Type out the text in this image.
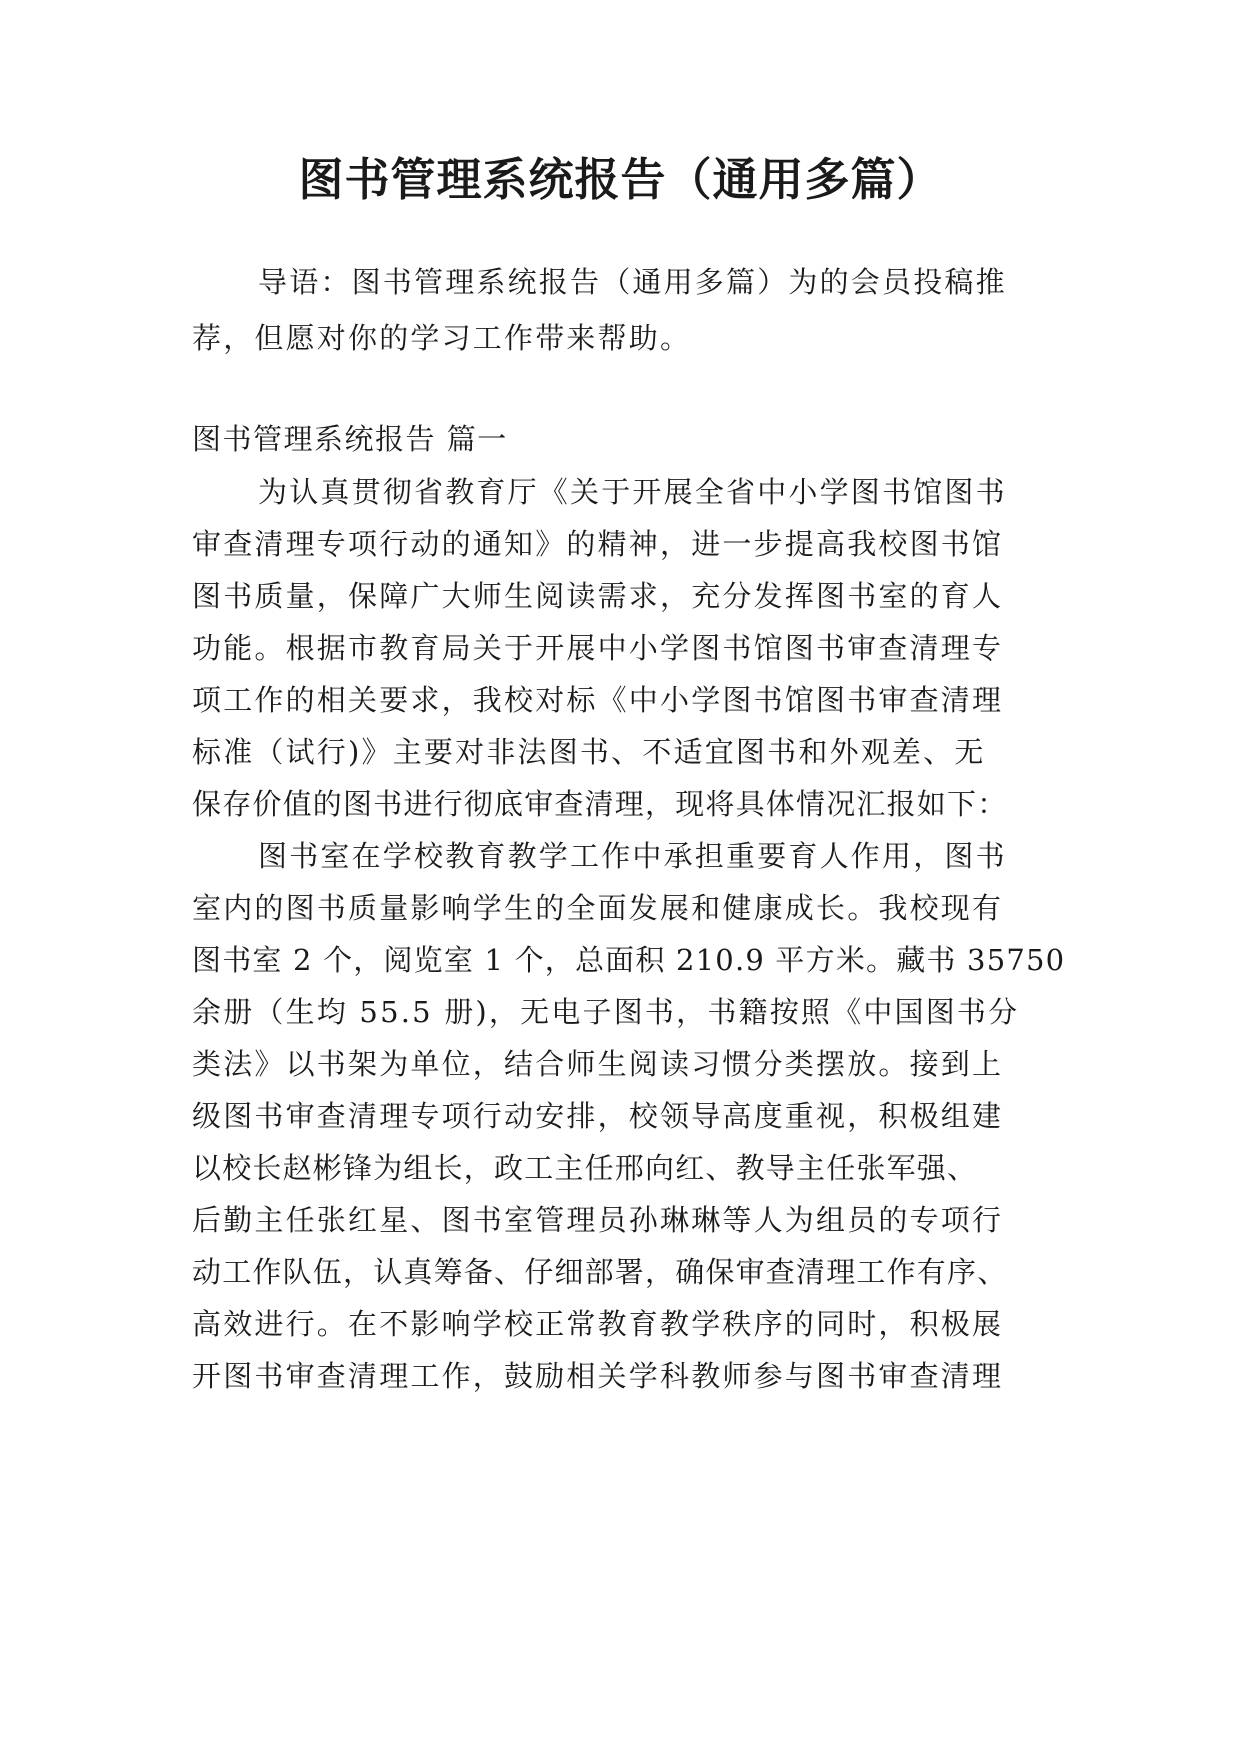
图书管理系统报告（通用多篇）

导语：图书管理系统报告（通用多篇）为的会员投稿推

荐，但愿对你的学习工作带来帮助。

图书管理系统报告 篇一

为认真贯彻省教育厅《关于开展全省中小学图书馆图书

审查清理专项行动的通知》的精神，进一步提高我校图书馆

图书质量，保障广大师生阅读需求，充分发挥图书室的育人

功能。根据市教育局关于开展中小学图书馆图书审查清理专

项工作的相关要求，我校对标《中小学图书馆图书审查清理

标准（试行)》主要对非法图书、不适宜图书和外观差、无

保存价值的图书进行彻底审查清理，现将具体情况汇报如下：

图书室在学校教育教学工作中承担重要育人作用，图书

室内的图书质量影响学生的全面发展和健康成长。我校现有

图书室 2 个，阅览室 1 个，总面积 210.9 平方米。藏书 35750

余册（生均 55.5 册)，无电子图书，书籍按照《中国图书分

类法》以书架为单位，结合师生阅读习惯分类摆放。接到上

级图书审查清理专项行动安排，校领导高度重视，积极组建

以校长赵彬锋为组长，政工主任邢向红、教导主任张军强、

后勤主任张红星、图书室管理员孙琳琳等人为组员的专项行

动工作队伍，认真筹备、仔细部署，确保审查清理工作有序、

高效进行。在不影响学校正常教育教学秩序的同时，积极展

开图书审查清理工作，鼓励相关学科教师参与图书审查清理
